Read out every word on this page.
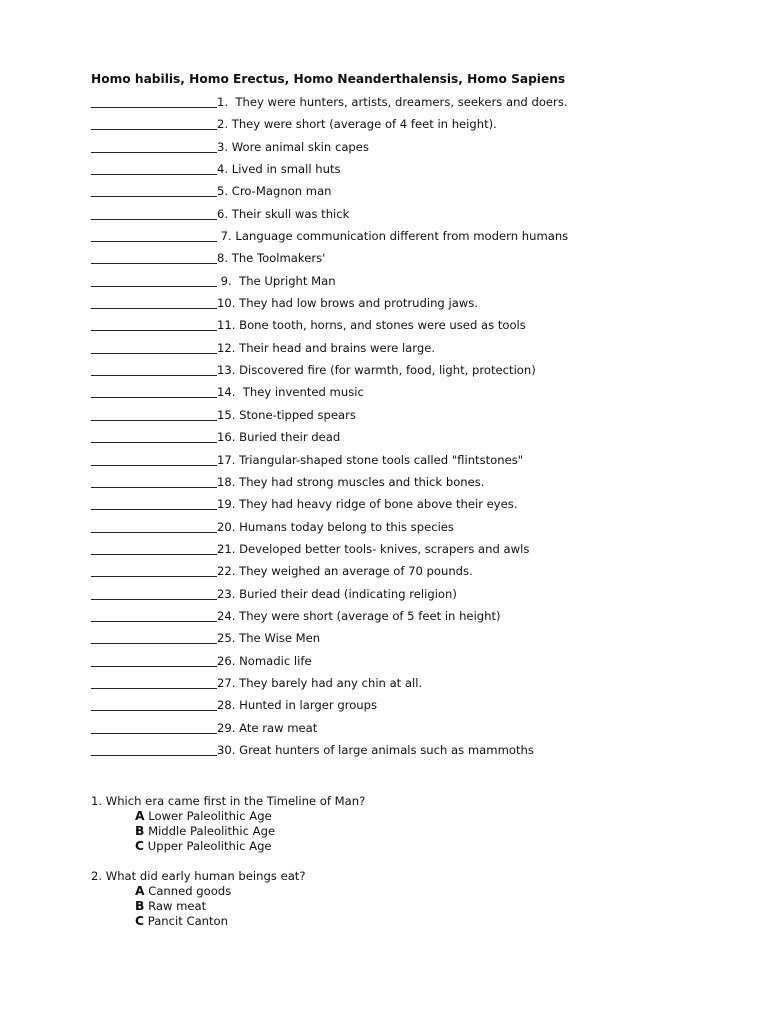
Homo habilis, Homo Erectus, Homo Neanderthalensis, Homo Sapiens
1.  They were hunters, artists, dreamers, seekers and doers.
2. They were short (average of 4 feet in height).
3. Wore animal skin capes
4. Lived in small huts
5. Cro-Magnon man
6. Their skull was thick
7. Language communication different from modern humans
8. The Toolmakers'
9.  The Upright Man
10. They had low brows and protruding jaws.
11. Bone tooth, horns, and stones were used as tools
12. Their head and brains were large.
13. Discovered fire (for warmth, food, light, protection)
14.  They invented music
15. Stone-tipped spears
16. Buried their dead
17. Triangular-shaped stone tools called "flintstones"
18. They had strong muscles and thick bones.
19. They had heavy ridge of bone above their eyes.
20. Humans today belong to this species
21. Developed better tools- knives, scrapers and awls
22. They weighed an average of 70 pounds.
23. Buried their dead (indicating religion)
24. They were short (average of 5 feet in height)
25. The Wise Men
26. Nomadic life
27. They barely had any chin at all.
28. Hunted in larger groups
29. Ate raw meat
30. Great hunters of large animals such as mammoths
1. Which era came first in the Timeline of Man?
A Lower Paleolithic Age
B Middle Paleolithic Age
C Upper Paleolithic Age
2. What did early human beings eat?
A Canned goods
B Raw meat
C Pancit Canton
